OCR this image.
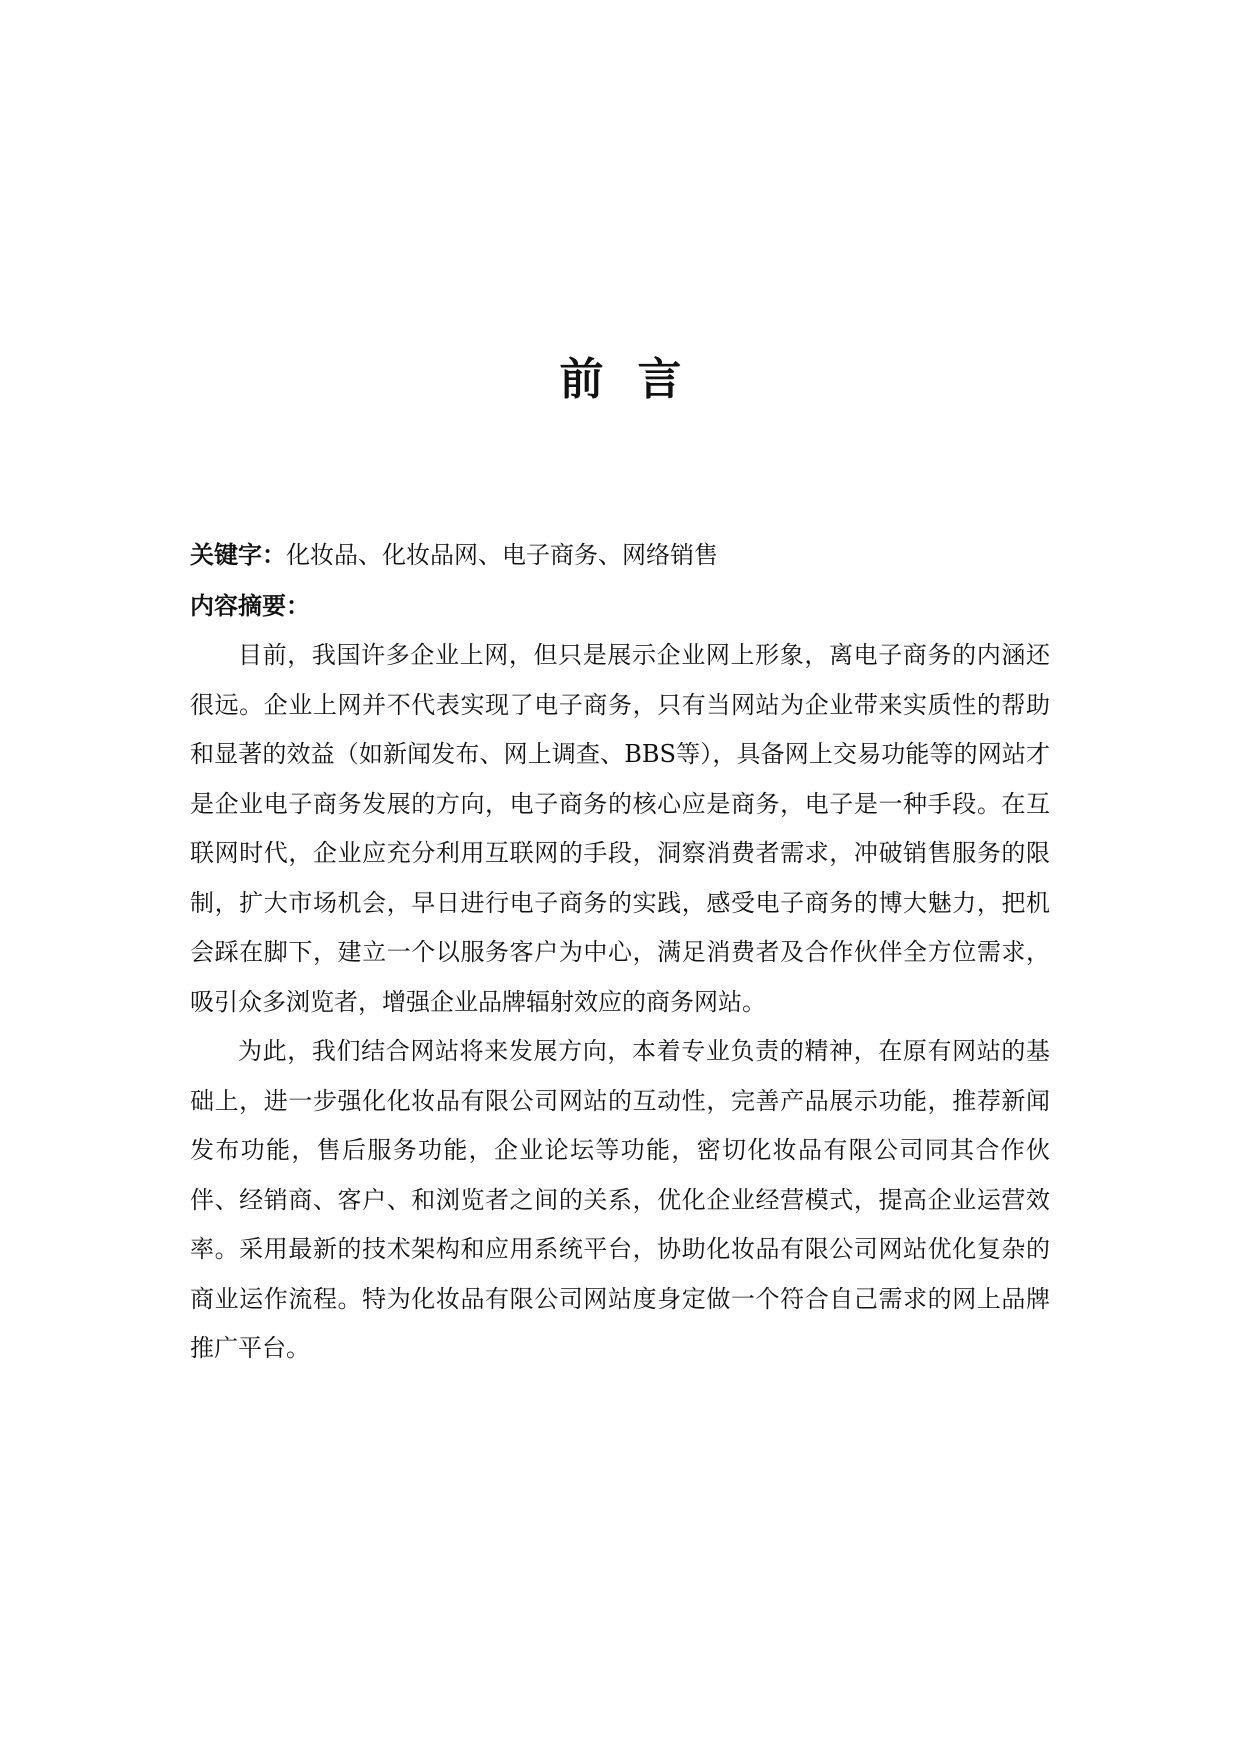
前言

关键字：化妆品、化妆品网、电子商务、网络销售

内容摘要：

目前，我国许多企业上网，但只是展示企业网上形象，离电子商务的内涵还很远。企业上网并不代表实现了电子商务，只有当网站为企业带来实质性的帮助和显著的效益（如新闻发布、网上调查、BBS等），具备网上交易功能等的网站才是企业电子商务发展的方向，电子商务的核心应是商务，电子是一种手段。在互联网时代，企业应充分利用互联网的手段，洞察消费者需求，冲破销售服务的限制，扩大市场机会，早日进行电子商务的实践，感受电子商务的博大魅力，把机会踩在脚下，建立一个以服务客户为中心，满足消费者及合作伙伴全方位需求，吸引众多浏览者，增强企业品牌辐射效应的商务网站。

为此，我们结合网站将来发展方向，本着专业负责的精神，在原有网站的基础上，进一步强化化妆品有限公司网站的互动性，完善产品展示功能，推荐新闻发布功能，售后服务功能，企业论坛等功能，密切化妆品有限公司同其合作伙伴、经销商、客户、和浏览者之间的关系，优化企业经营模式，提高企业运营效率。采用最新的技术架构和应用系统平台，协助化妆品有限公司网站优化复杂的商业运作流程。特为化妆品有限公司网站度身定做一个符合自己需求的网上品牌推广平台。
